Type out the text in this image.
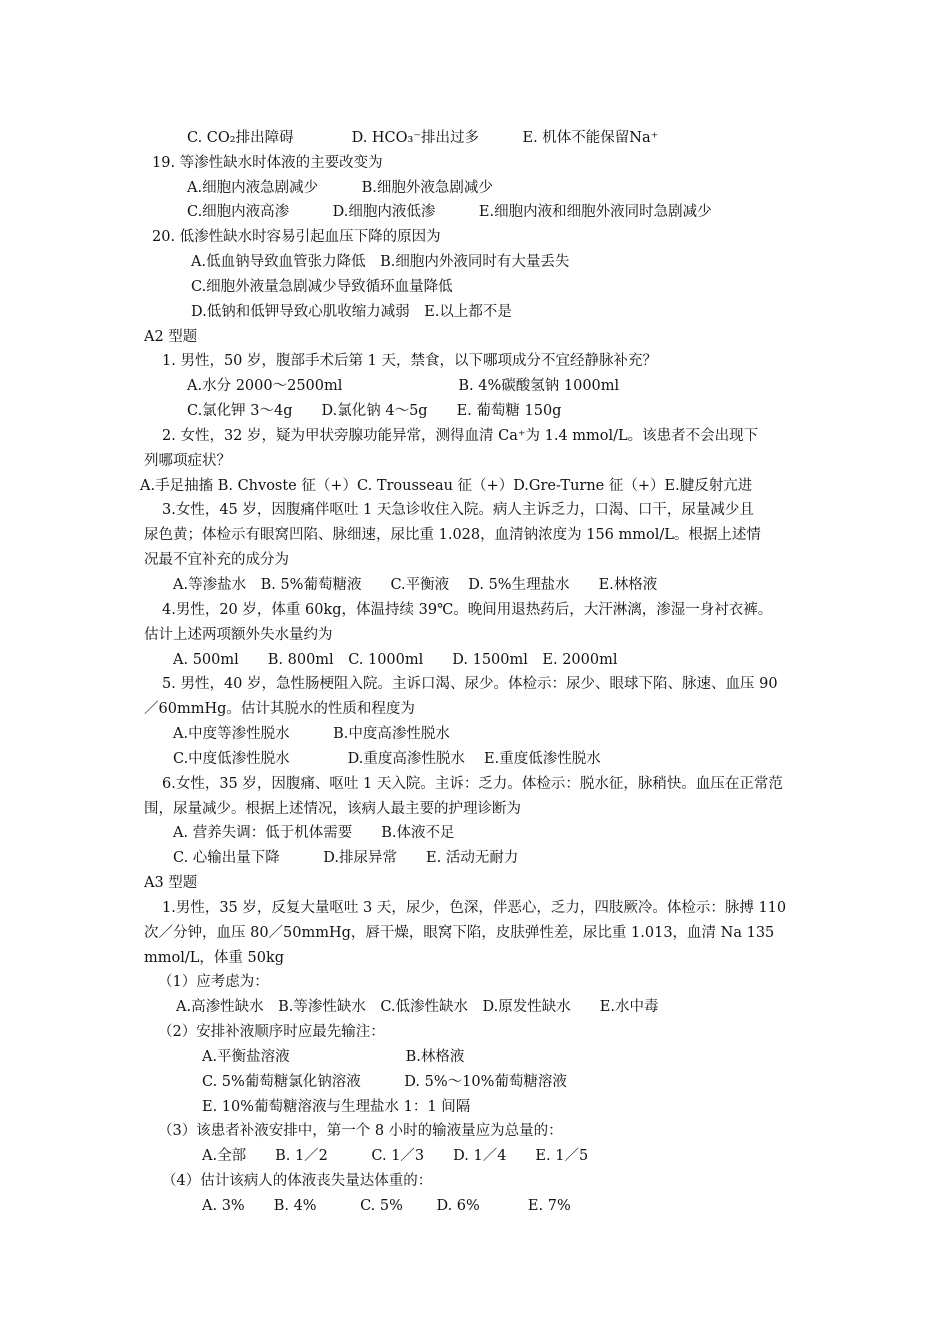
C. CO₂排出障碍　　　　D. HCO₃⁻排出过多　　　E. 机体不能保留Na⁺
19. 等渗性缺水时体液的主要改变为
A.细胞内液急剧减少　　　B.细胞外液急剧减少
C.细胞内液高渗　　　D.细胞内液低渗　　　E.细胞内液和细胞外液同时急剧减少
20. 低渗性缺水时容易引起血压下降的原因为
A.低血钠导致血管张力降低　B.细胞内外液同时有大量丢失
C.细胞外液量急剧减少导致循环血量降低
D.低钠和低钾导致心肌收缩力减弱　E.以上都不是
A2 型题
1. 男性，50 岁，腹部手术后第 1 天，禁食，以下哪项成分不宜经静脉补充？
A.水分 2000～2500ml　　　　　　　　B. 4%碳酸氢钠 1000ml
C.氯化钾 3～4g　　D.氯化钠 4～5g　　E. 葡萄糖 150g
2. 女性，32 岁，疑为甲状旁腺功能异常，测得血清 Ca⁺为 1.4 mmol/L。该患者不会出现下
列哪项症状？
A.手足抽搐 B. Chvoste 征（+）C. Trousseau 征（+）D.Gre-Turne 征（+）E.腱反射亢进
3.女性，45 岁，因腹痛伴呕吐 1 天急诊收住入院。病人主诉乏力，口渴、口干，尿量减少且
尿色黄；体检示有眼窝凹陷、脉细速，尿比重 1.028，血清钠浓度为 156 mmol/L。根据上述情
况最不宜补充的成分为
A.等渗盐水　B. 5%葡萄糖液　　C.平衡液　 D. 5%生理盐水　　E.林格液
4.男性，20 岁，体重 60kg，体温持续 39℃。晚间用退热药后，大汗淋漓，渗湿一身衬衣裤。
估计上述两项额外失水量约为
A. 500ml　　B. 800ml　C. 1000ml　　D. 1500ml　E. 2000ml
5. 男性，40 岁，急性肠梗阻入院。主诉口渴、尿少。体检示：尿少、眼球下陷、脉速、血压 90
／60mmHg。估计其脱水的性质和程度为
A.中度等渗性脱水　　　B.中度高渗性脱水
C.中度低渗性脱水　　　　D.重度高渗性脱水　 E.重度低渗性脱水
6.女性，35 岁，因腹痛、呕吐 1 天入院。主诉：乏力。体检示：脱水征，脉稍快。血压在正常范
围，尿量减少。根据上述情况，该病人最主要的护理诊断为
A. 营养失调：低于机体需要　　B.体液不足
C. 心输出量下降　　　D.排尿异常　　E. 活动无耐力
A3 型题
1.男性，35 岁，反复大量呕吐 3 天，尿少，色深，伴恶心，乏力，四肢厥冷。体检示：脉搏 110
次／分钟，血压 80／50mmHg，唇干燥，眼窝下陷，皮肤弹性差，尿比重 1.013，血清 Na 135
mmol/L，体重 50kg
（1）应考虑为：
A.高渗性缺水　B.等渗性缺水　C.低渗性缺水　D.原发性缺水　　E.水中毒
（2）安排补液顺序时应最先输注：
A.平衡盐溶液　　　　　　　　B.林格液
C. 5%葡萄糖氯化钠溶液　　　D. 5%～10%葡萄糖溶液
E. 10%葡萄糖溶液与生理盐水 1：1 间隔
（3）该患者补液安排中，第一个 8 小时的输液量应为总量的：
A.全部　　B. 1／2　　　C. 1／3　　D. 1／4　　E. 1／5
（4）估计该病人的体液丧失量达体重的：
A. 3%　　B. 4%　　　C. 5%　　 D. 6%　　　 E. 7%
